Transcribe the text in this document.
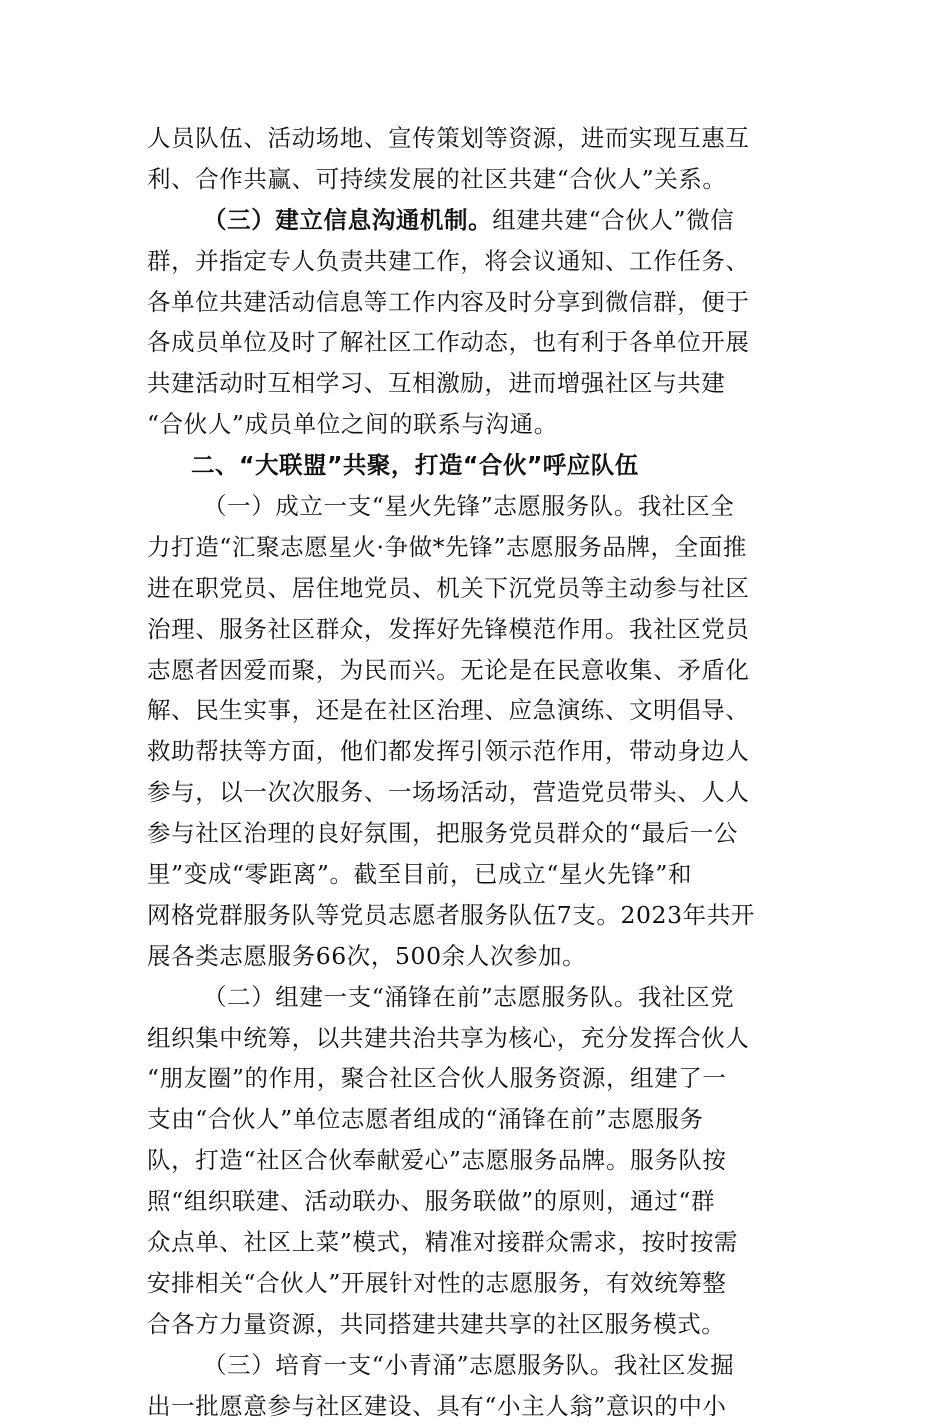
人员队伍、活动场地、宣传策划等资源，进而实现互惠互
利、合作共赢、可持续发展的社区共建“合伙人”关系。
（三）建立信息沟通机制。组建共建“合伙人”微信
群，并指定专人负责共建工作，将会议通知、工作任务、
各单位共建活动信息等工作内容及时分享到微信群，便于
各成员单位及时了解社区工作动态，也有利于各单位开展
共建活动时互相学习、互相激励，进而增强社区与共建
“合伙人”成员单位之间的联系与沟通。
二、“大联盟”共聚，打造“合伙”呼应队伍
（一）成立一支“星火先锋”志愿服务队。我社区全
力打造“汇聚志愿星火·争做*先锋”志愿服务品牌，全面推
进在职党员、居住地党员、机关下沉党员等主动参与社区
治理、服务社区群众，发挥好先锋模范作用。我社区党员
志愿者因爱而聚，为民而兴。无论是在民意收集、矛盾化
解、民生实事，还是在社区治理、应急演练、文明倡导、
救助帮扶等方面，他们都发挥引领示范作用，带动身边人
参与，以一次次服务、一场场活动，营造党员带头、人人
参与社区治理的良好氛围，把服务党员群众的“最后一公
里”变成“零距离”。截至目前，已成立“星火先锋”和
网格党群服务队等党员志愿者服务队伍7支。2023年共开
展各类志愿服务66次，500余人次参加。
（二）组建一支“涌锋在前”志愿服务队。我社区党
组织集中统筹，以共建共治共享为核心，充分发挥合伙人
“朋友圈”的作用，聚合社区合伙人服务资源，组建了一
支由“合伙人”单位志愿者组成的“涌锋在前”志愿服务
队，打造“社区合伙奉献爱心”志愿服务品牌。服务队按
照“组织联建、活动联办、服务联做”的原则，通过“群
众点单、社区上菜”模式，精准对接群众需求，按时按需
安排相关“合伙人”开展针对性的志愿服务，有效统筹整
合各方力量资源，共同搭建共建共享的社区服务模式。
（三）培育一支“小青涌”志愿服务队。我社区发掘
出一批愿意参与社区建设、具有“小主人翁”意识的中小
